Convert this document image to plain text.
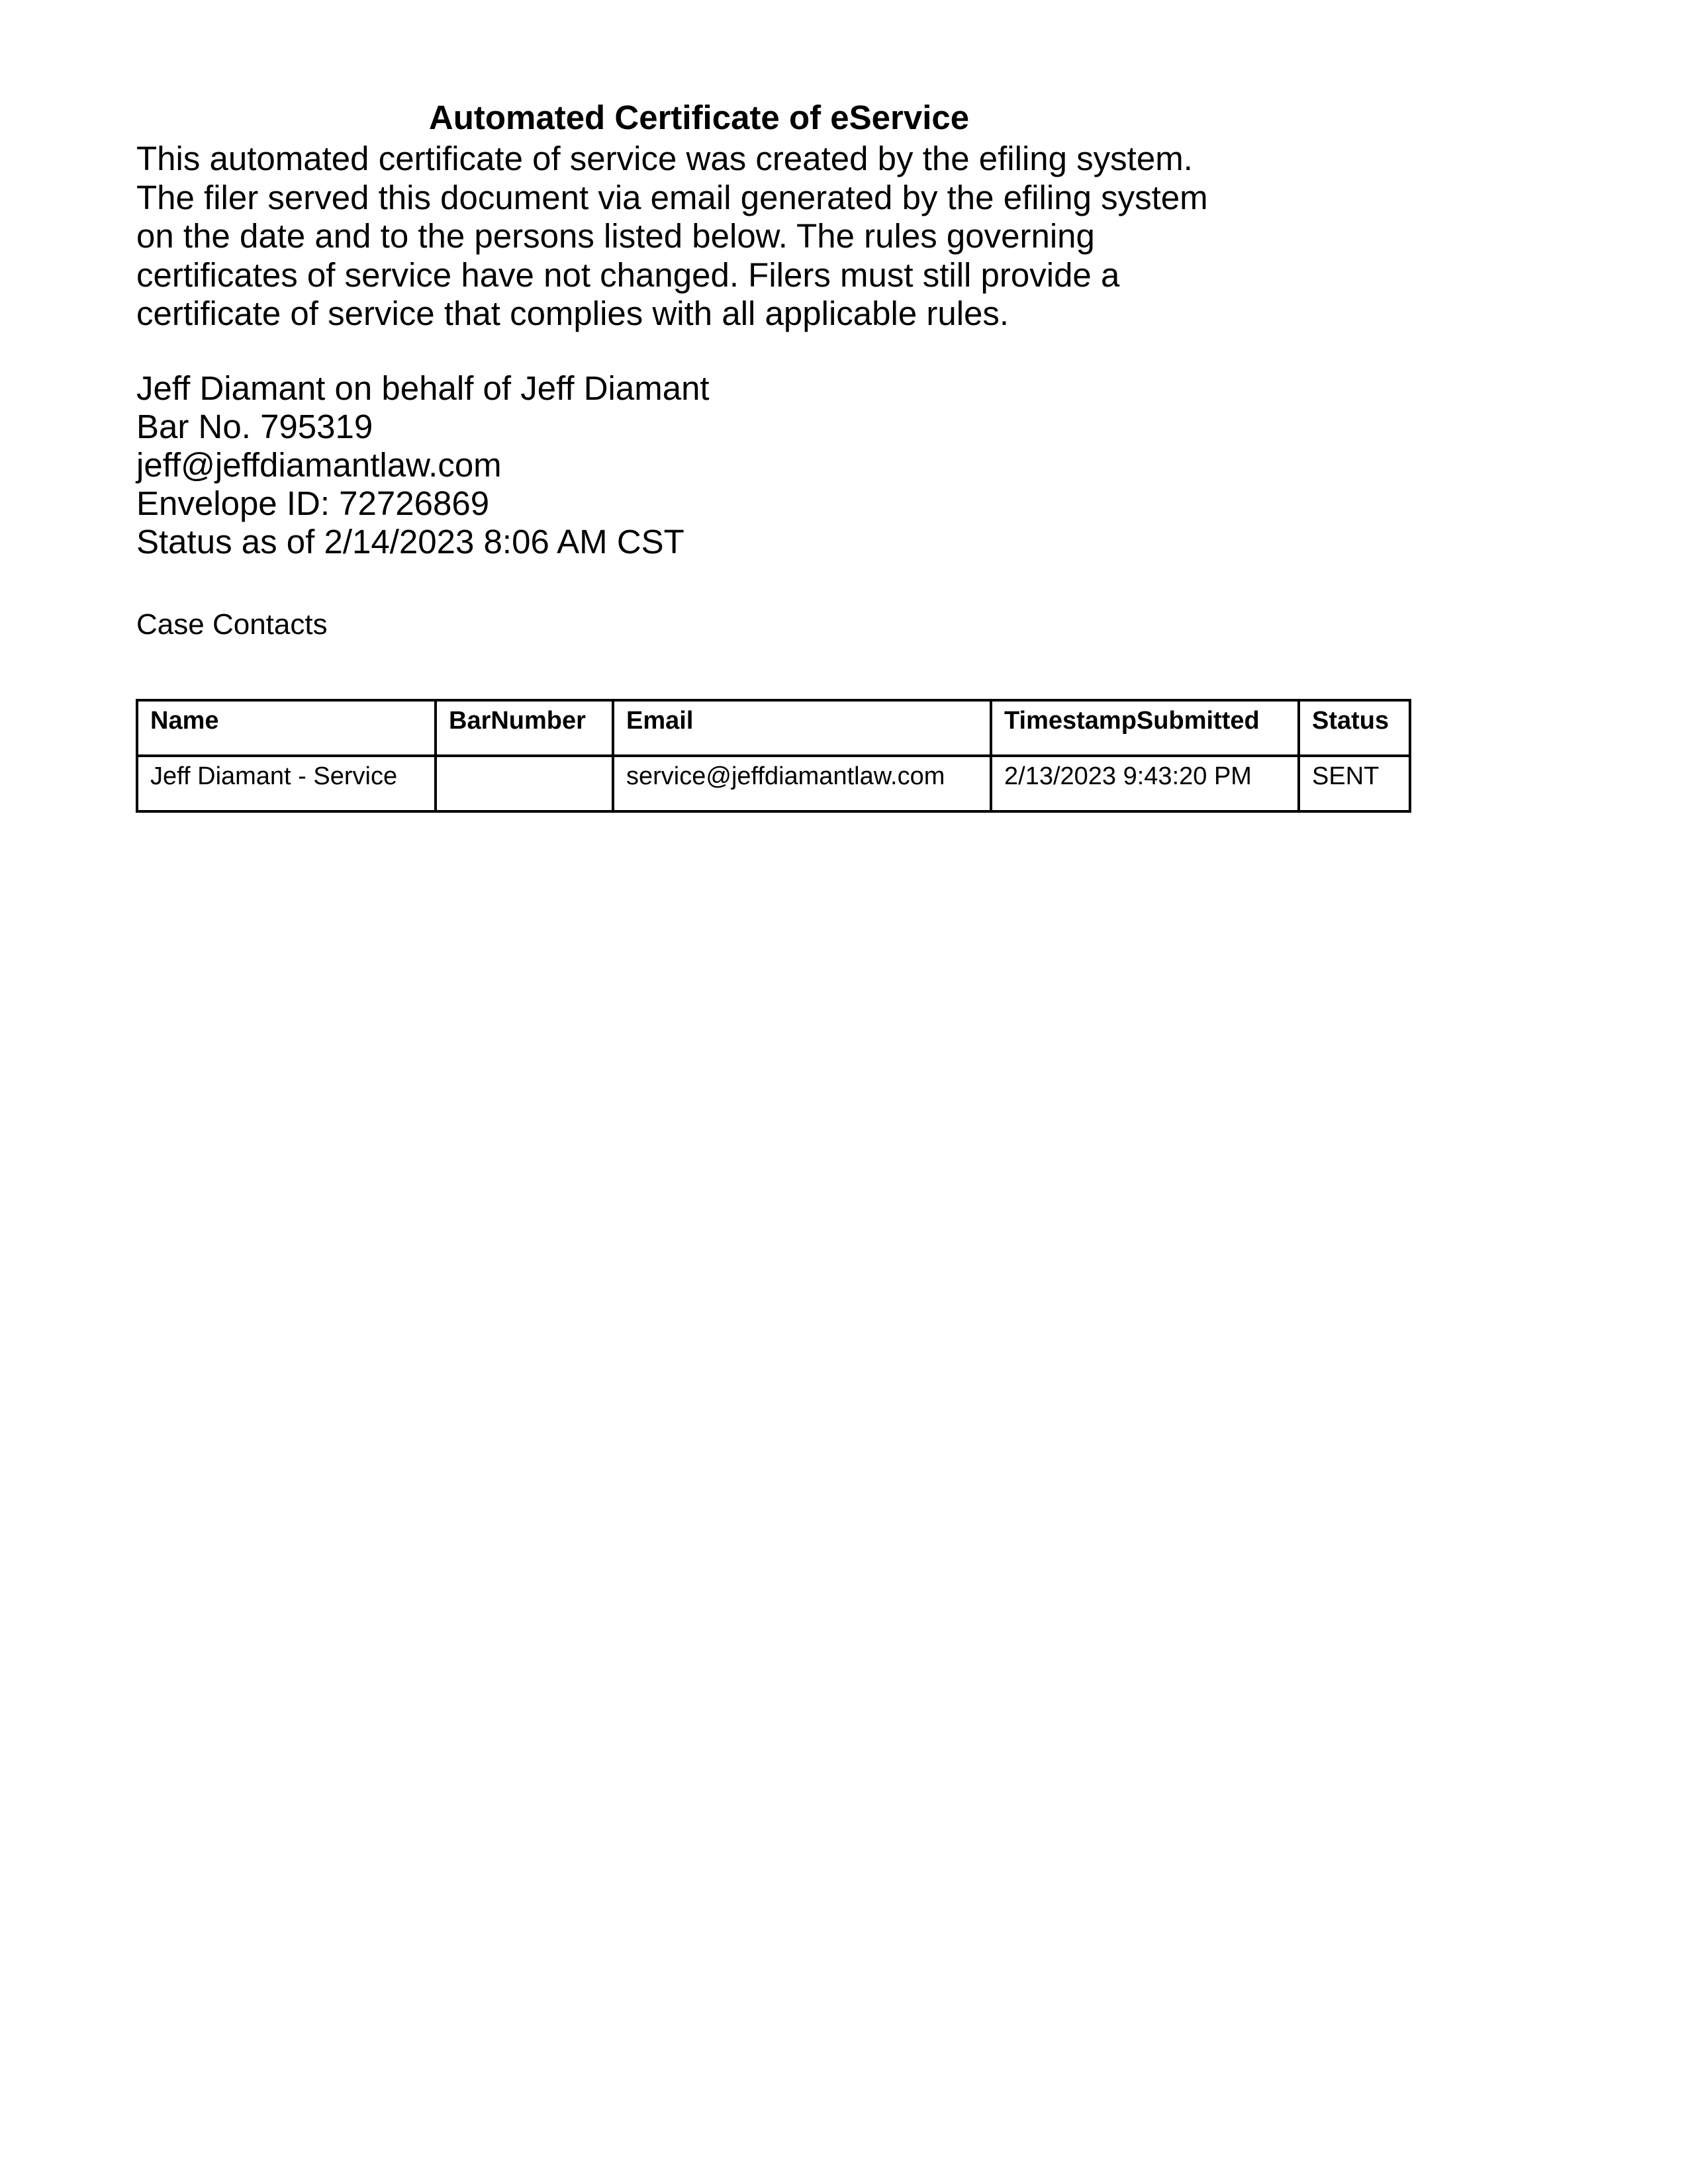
Automated Certificate of eService
This automated certificate of service was created by the efiling system.
The filer served this document via email generated by the efiling system
on the date and to the persons listed below. The rules governing
certificates of service have not changed. Filers must still provide a
certificate of service that complies with all applicable rules.
Jeff Diamant on behalf of Jeff Diamant
Bar No. 795319
jeff@jeffdiamantlaw.com
Envelope ID: 72726869
Status as of 2/14/2023 8:06 AM CST
Case Contacts
Name	BarNumber	Email	TimestampSubmitted	Status
Jeff Diamant - Service		service@jeffdiamantlaw.com	2/13/2023 9:43:20 PM	SENT
